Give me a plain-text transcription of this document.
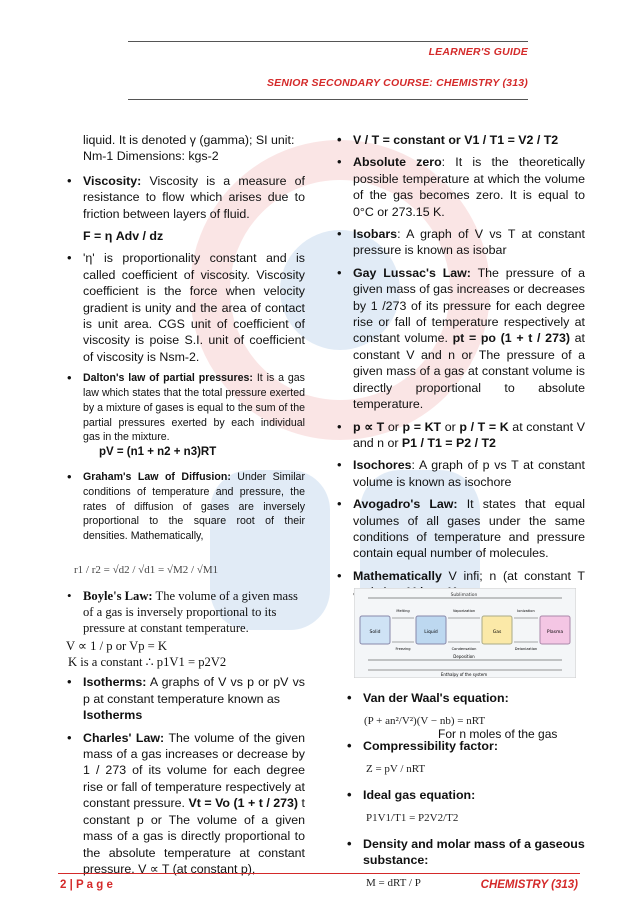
LEARNER'S GUIDE
SENIOR SECONDARY COURSE: CHEMISTRY (313)

liquid. It is denoted γ (gamma); SI unit: Nm-1 Dimensions: kgs-2

• Viscosity: Viscosity is a measure of resistance to flow which arises due to friction between layers of fluid.

F = η Adv / dz

• 'η' is proportionality constant and is called coefficient of viscosity. Viscosity coefficient is the force when velocity gradient is unity and the area of contact is unit area. CGS unit of coefficient of viscosity is poise S.I. unit of coefficient of viscosity is Nsm-2.
• Dalton's law of partial pressures: It is a gas law which states that the total pressure exerted by a mixture of gases is equal to the sum of the partial pressures exerted by each individual gas in the mixture.
pV = (n1 + n2 + n3)RT
• Graham's Law of Diffusion: Under Similar conditions of temperature and pressure, the rates of diffusion of gases are inversely proportional to the square root of their densities. Mathematically,

r1 / r2 = √d2 / √d1 = √M2 / √M1

• Boyle's Law: The volume of a given mass of a gas is inversely proportional to its pressure at constant temperature.

V ∝ 1 / p or Vp = K

K is a constant ∴ p1V1 = p2V2

• Isotherms: A graphs of V vs p or pV vs p at constant temperature known as
Isotherms
• Charles' Law: The volume of the given mass of a gas increases or decrease by 1 / 273 of its volume for each degree rise or fall of temperature respectively at constant pressure. Vt = Vo (1 + t / 273) t constant p or The volume of a given mass of a gas is directly proportional to the absolute temperature at constant pressure. V ∝ T (at constant p),
• V / T = constant or V1 / T1 = V2 / T2
• Absolute zero: It is the theoretically possible temperature at which the volume of the gas becomes zero. It is equal to 0°C or 273.15 K.
• Isobars: A graph of V vs T at constant pressure is known as isobar
• Gay Lussac's Law: The pressure of a given mass of gas increases or decreases by 1 /273 of its pressure for each degree rise or fall of temperature respectively at constant volume. pt = po (1 + t / 273) at constant V and n or The pressure of a given mass of a gas at constant volume is directly proportional to absolute temperature.
• p ∝ T or p = KT or p / T = K at constant V and n or P1 / T1 = P2 / T2
• Isochores: A graph of p vs T at constant volume is known as isochore
• Avogadro's Law: It states that equal volumes of all gases under the same conditions of temperature and pressure contain equal number of molecules.
• Mathematically V infi; n (at constant T
Sublimation
Solid	Liquid	Gas	Plasma
Melting
Freezing
Vaporization
Condensation
Ionization
Deionization
Deposition
Enthalpy of the system
• Van der Waal's equation:
(P + an²/V²)(V − nb) = nRT
For n moles of the gas
• Compressibility factor:
Z = pV / nRT
• Ideal gas equation:
P1V1/T1 = P2V2/T2
• Density and molar mass of a gaseous substance:
M = dRT / P
2 | P a g e	CHEMISTRY (313)
